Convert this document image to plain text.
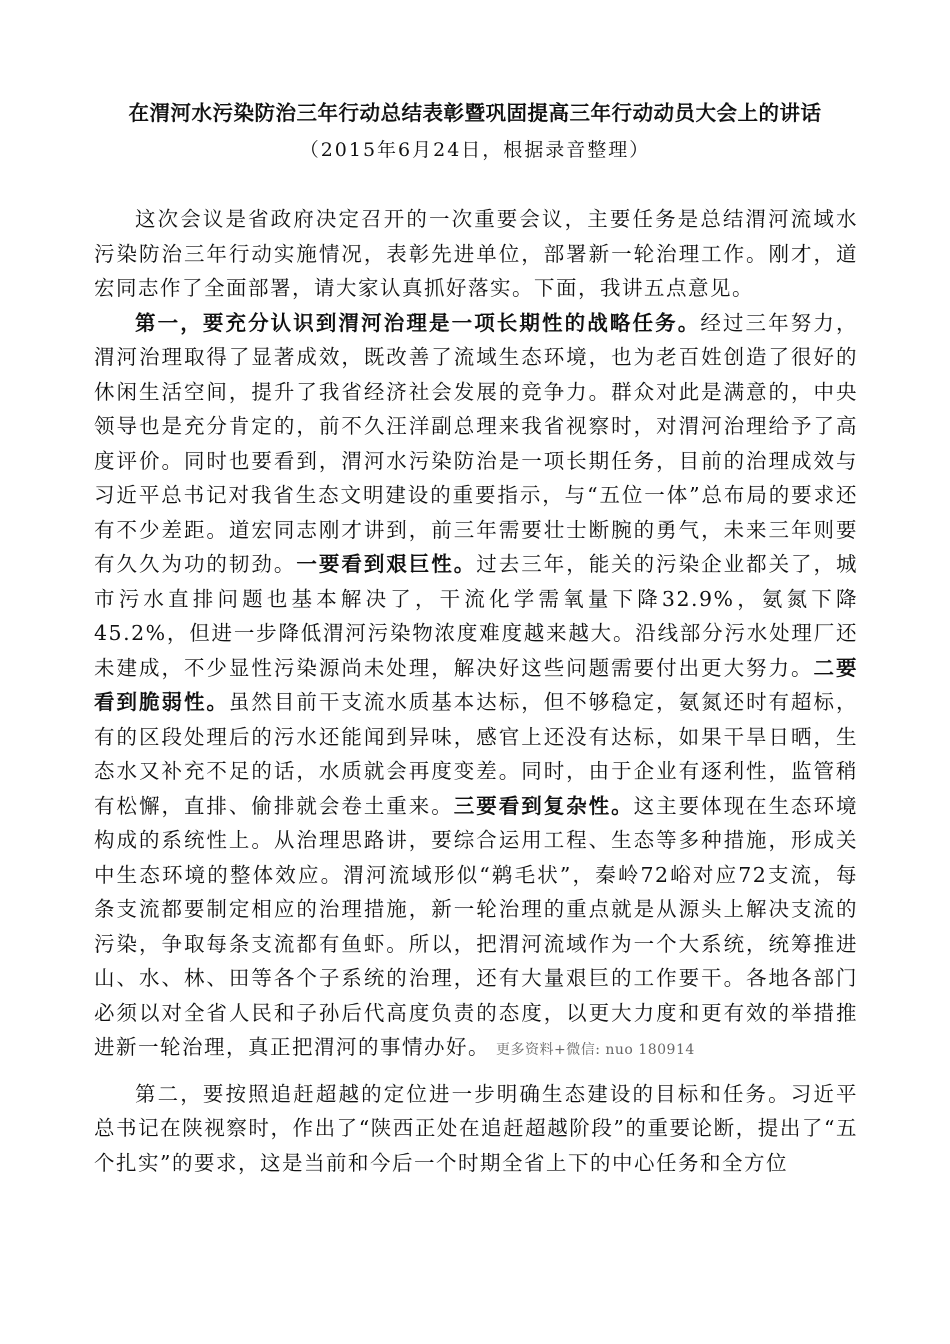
在渭河水污染防治三年行动总结表彰暨巩固提高三年行动动员大会上的讲话
（2015年6月24日，根据录音整理）

这次会议是省政府决定召开的一次重要会议，主要任务是总结渭河流域水污染防治三年行动实施情况，表彰先进单位，部署新一轮治理工作。刚才，道宏同志作了全面部署，请大家认真抓好落实。下面，我讲五点意见。

第一，要充分认识到渭河治理是一项长期性的战略任务。经过三年努力，渭河治理取得了显著成效，既改善了流域生态环境，也为老百姓创造了很好的休闲生活空间，提升了我省经济社会发展的竞争力。群众对此是满意的，中央领导也是充分肯定的，前不久汪洋副总理来我省视察时，对渭河治理给予了高度评价。同时也要看到，渭河水污染防治是一项长期任务，目前的治理成效与习近平总书记对我省生态文明建设的重要指示，与“五位一体”总布局的要求还有不少差距。道宏同志刚才讲到，前三年需要壮士断腕的勇气，未来三年则要有久久为功的韧劲。一要看到艰巨性。过去三年，能关的污染企业都关了，城市污水直排问题也基本解决了，干流化学需氧量下降32.9%，氨氮下降45.2%，但进一步降低渭河污染物浓度难度越来越大。沿线部分污水处理厂还未建成，不少显性污染源尚未处理，解决好这些问题需要付出更大努力。二要看到脆弱性。虽然目前干支流水质基本达标，但不够稳定，氨氮还时有超标，有的区段处理后的污水还能闻到异味，感官上还没有达标，如果干旱日晒，生态水又补充不足的话，水质就会再度变差。同时，由于企业有逐利性，监管稍有松懈，直排、偷排就会卷土重来。三要看到复杂性。这主要体现在生态环境构成的系统性上。从治理思路讲，要综合运用工程、生态等多种措施，形成关中生态环境的整体效应。渭河流域形似“鹈毛状”，秦岭72峪对应72支流，每条支流都要制定相应的治理措施，新一轮治理的重点就是从源头上解决支流的污染，争取每条支流都有鱼虾。所以，把渭河流域作为一个大系统，统筹推进山、水、林、田等各个子系统的治理，还有大量艰巨的工作要干。各地各部门必须以对全省人民和子孙后代高度负责的态度，以更大力度和更有效的举措推进新一轮治理，真正把渭河的事情办好。 更多资料+微信: nuo 180914

第二，要按照追赶超越的定位进一步明确生态建设的目标和任务。习近平总书记在陕视察时，作出了“陕西正处在追赶超越阶段”的重要论断，提出了“五个扎实”的要求，这是当前和今后一个时期全省上下的中心任务和全方位
